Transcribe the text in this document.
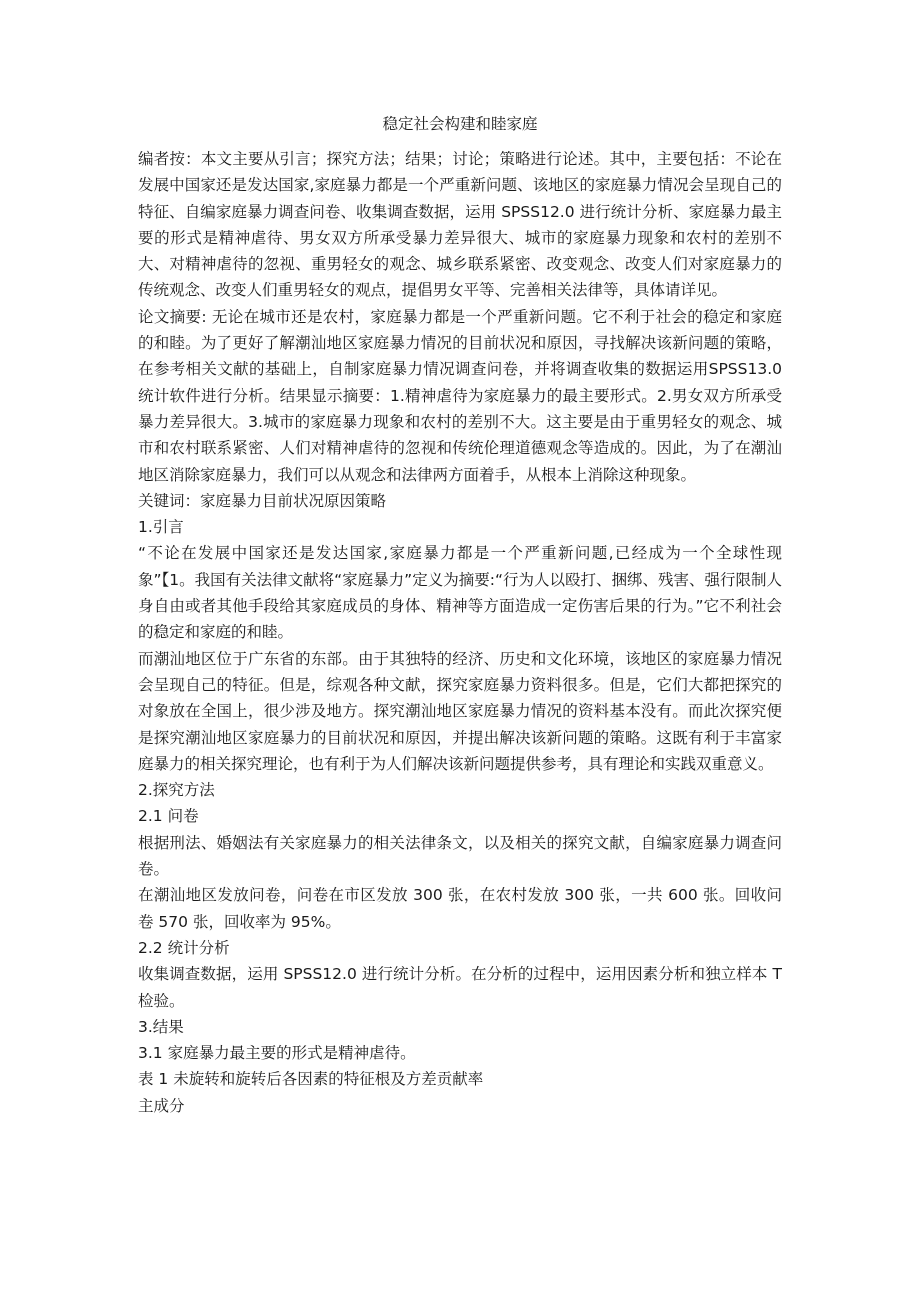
稳定社会构建和睦家庭

编者按：本文主要从引言；探究方法；结果；讨论；策略进行论述。其中，主要包括：不论在发展中国家还是发达国家,家庭暴力都是一个严重新问题、该地区的家庭暴力情况会呈现自己的特征、自编家庭暴力调查问卷、收集调查数据，运用 SPSS12.0 进行统计分析、家庭暴力最主要的形式是精神虐待、男女双方所承受暴力差异很大、城市的家庭暴力现象和农村的差别不大、对精神虐待的忽视、重男轻女的观念、城乡联系紧密、改变观念、改变人们对家庭暴力的传统观念、改变人们重男轻女的观点，提倡男女平等、完善相关法律等，具体请详见。

论文摘要: 无论在城市还是农村，家庭暴力都是一个严重新问题。它不利于社会的稳定和家庭的和睦。为了更好了解潮汕地区家庭暴力情况的目前状况和原因，寻找解决该新问题的策略，在参考相关文献的基础上，自制家庭暴力情况调查问卷，并将调查收集的数据运用SPSS13.0 统计软件进行分析。结果显示摘要：1.精神虐待为家庭暴力的最主要形式。2.男女双方所承受暴力差异很大。3.城市的家庭暴力现象和农村的差别不大。这主要是由于重男轻女的观念、城市和农村联系紧密、人们对精神虐待的忽视和传统伦理道德观念等造成的。因此，为了在潮汕地区消除家庭暴力，我们可以从观念和法律两方面着手，从根本上消除这种现象。

关键词：家庭暴力目前状况原因策略

1.引言

“不论在发展中国家还是发达国家,家庭暴力都是一个严重新问题,已经成为一个全球性现象”【1。我国有关法律文献将“家庭暴力”定义为摘要:“行为人以殴打、捆绑、残害、强行限制人身自由或者其他手段给其家庭成员的身体、精神等方面造成一定伤害后果的行为。”它不利社会的稳定和家庭的和睦。

而潮汕地区位于广东省的东部。由于其独特的经济、历史和文化环境，该地区的家庭暴力情况会呈现自己的特征。但是，综观各种文献，探究家庭暴力资料很多。但是，它们大都把探究的对象放在全国上，很少涉及地方。探究潮汕地区家庭暴力情况的资料基本没有。而此次探究便是探究潮汕地区家庭暴力的目前状况和原因，并提出解决该新问题的策略。这既有利于丰富家庭暴力的相关探究理论，也有利于为人们解决该新问题提供参考，具有理论和实践双重意义。

2.探究方法

2.1 问卷

根据刑法、婚姻法有关家庭暴力的相关法律条文，以及相关的探究文献，自编家庭暴力调查问卷。

在潮汕地区发放问卷，问卷在市区发放 300 张，在农村发放 300 张，一共 600 张。回收问卷 570 张，回收率为 95%。

2.2 统计分析

收集调查数据，运用 SPSS12.0 进行统计分析。在分析的过程中，运用因素分析和独立样本 T 检验。

3.结果

3.1 家庭暴力最主要的形式是精神虐待。

表 1 未旋转和旋转后各因素的特征根及方差贡献率

主成分
